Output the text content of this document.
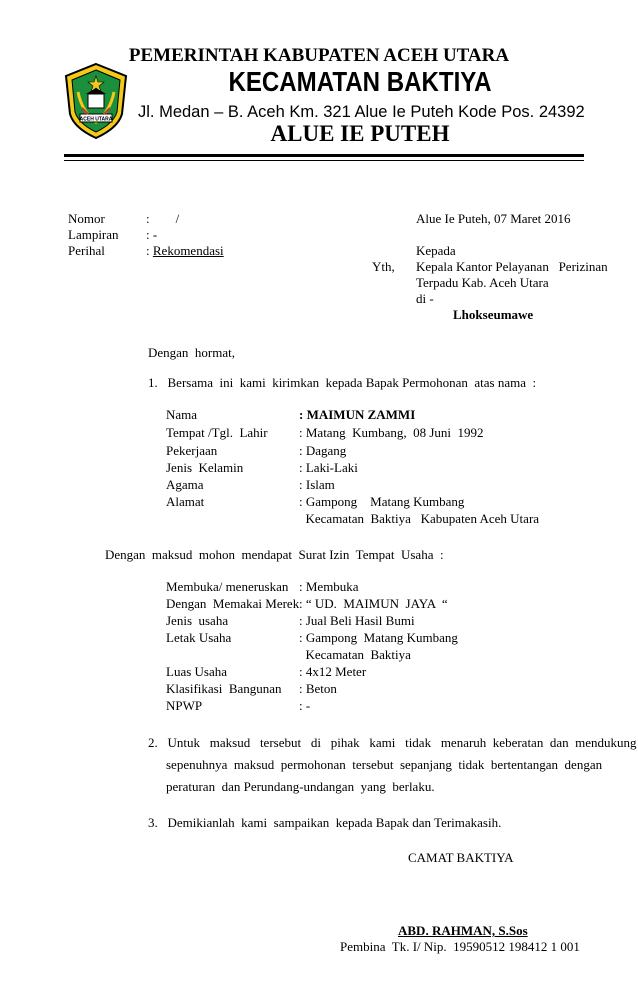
ACEH UTARA
PEMERINTAH KABUPATEN ACEH UTARA
KECAMATAN BAKTIYA
Jl. Medan – B. Aceh Km. 321 Alue Ie Puteh Kode Pos. 24392
ALUE IE PUTEH
Nomor	:        /
Lampiran : -
Perihal	: Rekomendasi
Alue Ie Puteh, 07 Maret 2016
Kepada
Yth, Kepala Kantor Pelayanan   Perizinan
Terpadu Kab. Aceh Utara
di -
Lhokseumawe
Dengan  hormat,
1.   Bersama  ini  kami  kirimkan  kepada Bapak Permohonan  atas nama  :
Nama	: MAIMUN ZAMMI
Tempat /Tgl.  Lahir : Matang  Kumbang,  08 Juni  1992
Pekerjaan	: Dagang
Jenis  Kelamin	: Laki-Laki
Agama	: Islam
Alamat	: Gampong    Matang Kumbang
Kecamatan  Baktiya   Kabupaten Aceh Utara
Dengan  maksud  mohon  mendapat  Surat Izin  Tempat  Usaha  :
Membuka/ meneruskan : Membuka
Dengan  Memakai Merek : “ UD.  MAIMUN  JAYA  “
Jenis  usaha	: Jual Beli Hasil Bumi
Letak Usaha	: Gampong  Matang Kumbang
Kecamatan  Baktiya
Luas Usaha	: 4x12 Meter
Klasifikasi  Bangunan : Beton
NPWP	: -
2.   Untuk   maksud   tersebut   di   pihak   kami   tidak   menaruh  keberatan  dan  mendukung
sepenuhnya  maksud  permohonan  tersebut  sepanjang  tidak  bertentangan  dengan
peraturan  dan Perundang-undangan  yang  berlaku.
3.   Demikianlah  kami  sampaikan  kepada Bapak dan Terimakasih.
CAMAT BAKTIYA
ABD. RAHMAN, S.Sos
Pembina  Tk. I/ Nip.  19590512 198412 1 001
